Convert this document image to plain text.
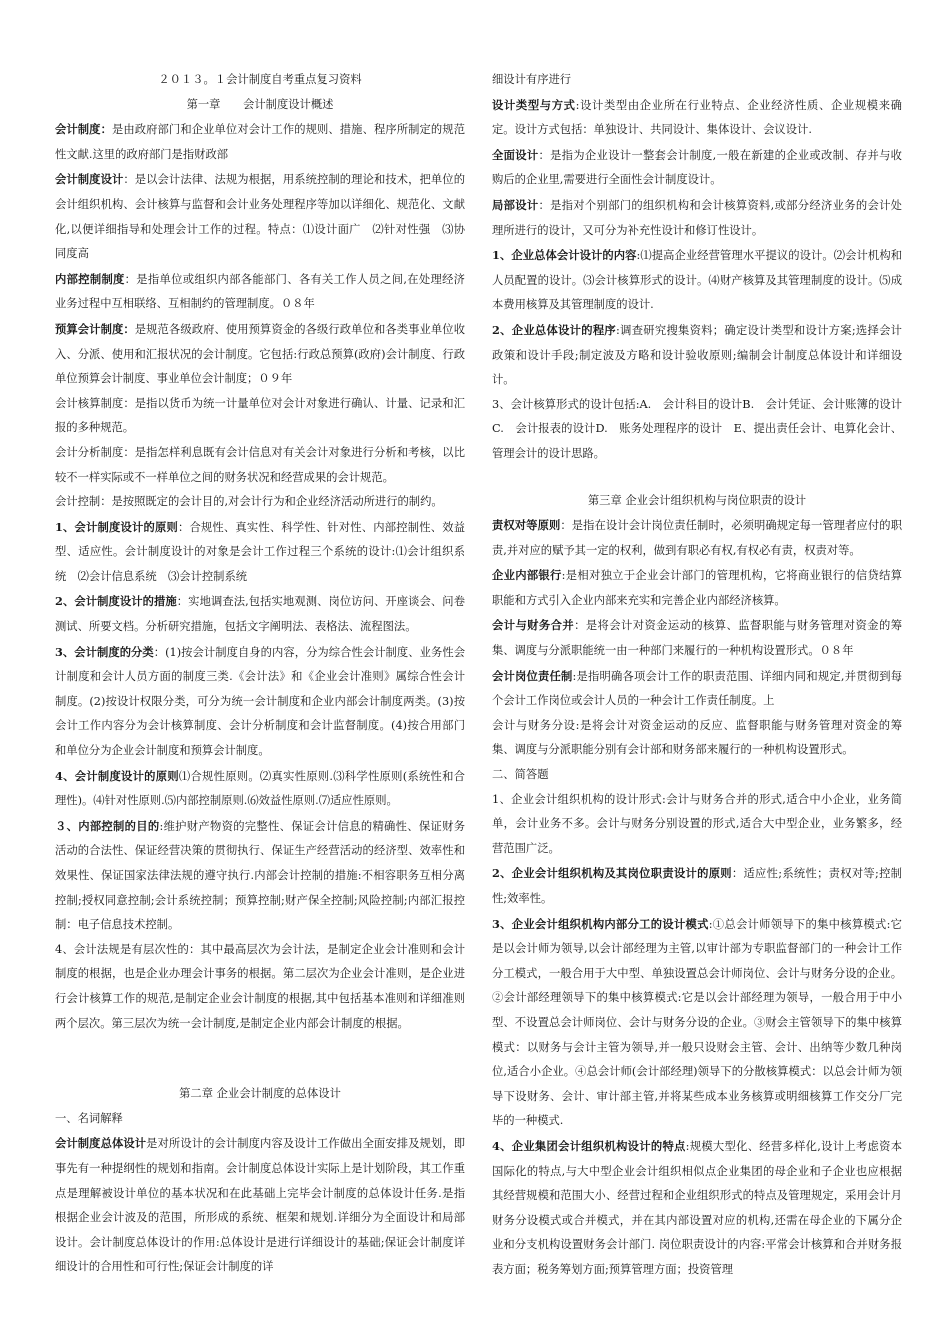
２０１３。１会计制度自考重点复习资料

第一章　　会计制度设计概述

会计制度：是由政府部门和企业单位对会计工作的规则、措施、程序所制定的规范性文献.这里的政府部门是指财政部

会计制度设计：是以会计法律、法规为根据，用系统控制的理论和技术，把单位的会计组织机构、会计核算与监督和会计业务处理程序等加以详细化、规范化、文献化,以便详细指导和处理会计工作的过程。特点：⑴设计面广　⑵针对性强　⑶协同度高

内部控制制度：是指单位或组织内部各能部门、各有关工作人员之间,在处理经济业务过程中互相联络、互相制约的管理制度。０８年

预算会计制度：是规范各级政府、使用预算资金的各级行政单位和各类事业单位收入、分派、使用和汇报状况的会计制度。它包括:行政总预算(政府)会计制度、行政单位预算会计制度、事业单位会计制度；０９年

会计核算制度：是指以货币为统一计量单位对会计对象进行确认、计量、记录和汇报的多种规范。

会计分析制度：是指怎样利息既有会计信息对有关会计对象进行分析和考核，以比较不一样实际或不一样单位之间的财务状况和经营成果的会计规范。

会计控制：是按照既定的会计目的,对会计行为和企业经济活动所进行的制约。

1、会计制度设计的原则：合规性、真实性、科学性、针对性、内部控制性、效益型、适应性。会计制度设计的对象是会计工作过程三个系统的设计:⑴会计组织系统　⑵会计信息系统　⑶会计控制系统

2、会计制度设计的措施：实地调查法,包括实地观测、岗位访问、开座谈会、问卷测试、所要文档。分析研究措施，包括文字阐明法、表格法、流程图法。

3、会计制度的分类：(1)按会计制度自身的内容，分为综合性会计制度、业务性会计制度和会计人员方面的制度三类.《会计法》和《企业会计准则》属综合性会计制度。(2)按设计权限分类，可分为统一会计制度和企业内部会计制度两类。(3)按会计工作内容分为会计核算制度、会计分析制度和会计监督制度。(4)按合用部门和单位分为企业会计制度和预算会计制度。

4、会计制度设计的原则⑴合规性原则。⑵真实性原则.⑶科学性原则(系统性和合理性)。⑷针对性原则.⑸内部控制原则.⑹效益性原则.⑺适应性原则。

３、内部控制的目的:维护财产物资的完整性、保证会计信息的精确性、保证财务活动的合法性、保证经营决策的贯彻执行、保证生产经营活动的经济型、效率性和效果性、保证国家法律法规的遵守执行.内部会计控制的措施:不相容职务互相分离控制;授权同意控制;会计系统控制；预算控制;财产保全控制;风险控制;内部汇报控制：电子信息技术控制。

4、会计法规是有层次性的：其中最高层次为会计法，是制定企业会计准则和会计制度的根据，也是企业办理会计事务的根据。第二层次为企业会计准则，是企业进行会计核算工作的规范,是制定企业会计制度的根据,其中包括基本准则和详细准则两个层次。第三层次为统一会计制度,是制定企业内部会计制度的根据。

第二章 企业会计制度的总体设计

一、名词解释

会计制度总体设计是对所设计的会计制度内容及设计工作做出全面安排及规划，即事先有一种提纲性的规划和指南。会计制度总体设计实际上是计划阶段，其工作重点是理解被设计单位的基本状况和在此基础上完毕会计制度的总体设计任务.是指根据企业会计波及的范围，所形成的系统、框架和规划.详细分为全面设计和局部设计。会计制度总体设计的作用:总体设计是进行详细设计的基础;保证会计制度详细设计的合用性和可行性;保证会计制度的详

细设计有序进行

设计类型与方式:设计类型由企业所在行业特点、企业经济性质、企业规模来确定。设计方式包括：单独设计、共同设计、集体设计、会议设计.

全面设计：是指为企业设计一整套会计制度,一般在新建的企业或改制、存并与收购后的企业里,需要进行全面性会计制度设计。

局部设计：是指对个别部门的组织机构和会计核算资料,或部分经济业务的会计处理所进行的设计，又可分为补充性设计和修订性设计。

1、企业总体会计设计的内容:⑴提高企业经营管理水平提议的设计。⑵会计机构和人员配置的设计。⑶会计核算形式的设计。⑷财产核算及其管理制度的设计。⑸成本费用核算及其管理制度的设计.

2、企业总体设计的程序:调查研究搜集资料；确定设计类型和设计方案;选择会计政策和设计手段;制定波及方略和设计验收原则;编制会计制度总体设计和详细设计。

3、会计核算形式的设计包括:A.　会计科目的设计B.　会计凭证、会计账簿的设计C.　会计报表的设计D.　账务处理程序的设计　E、提出责任会计、电算化会计、管理会计的设计思路。

第三章 企业会计组织机构与岗位职责的设计

责权对等原则：是指在设计会计岗位责任制时，必须明确规定每一管理者应付的职责,并对应的赋予其一定的权利，做到有职必有权,有权必有责，权责对等。

企业内部银行:是相对独立于企业会计部门的管理机构，它将商业银行的信贷结算职能和方式引入企业内部来充实和完善企业内部经济核算。

会计与财务合并：是将会计对资金运动的核算、监督职能与财务管理对资金的筹集、调度与分派职能统一由一种部门来履行的一种机构设置形式。０８年

会计岗位责任制:是指明确各项会计工作的职责范围、详细内同和规定,并贯彻到每个会计工作岗位或会计人员的一种会计工作责任制度。上

会计与财务分设:是将会计对资金运动的反应、监督职能与财务管理对资金的筹集、调度与分派职能分别有会计部和财务部来履行的一种机构设置形式。

二、简答题

1、企业会计组织机构的设计形式:会计与财务合并的形式,适合中小企业，业务简单，会计业务不多。会计与财务分别设置的形式,适合大中型企业，业务繁多，经营范围广泛。

2、企业会计组织机构及其岗位职责设计的原则：适应性;系统性；责权对等;控制性;效率性。

3、企业会计组织机构内部分工的设计模式:①总会计师领导下的集中核算模式:它是以会计师为领导,以会计部经理为主管,以审计部为专职监督部门的一种会计工作分工模式，一般合用于大中型、单独设置总会计师岗位、会计与财务分设的企业。②会计部经理领导下的集中核算模式:它是以会计部经理为领导，一般合用于中小型、不设置总会计师岗位、会计与财务分设的企业。③财会主管领导下的集中核算模式：以财务与会计主管为领导,并一般只设财会主管、会计、出纳等少数几种岗位,适合小企业。④总会计师(会计部经理)领导下的分散核算模式：以总会计师为领导下设财务、会计、审计部主管,并将某些成本业务核算或明细核算工作交分厂完毕的一种模式.

4、企业集团会计组织机构设计的特点:规模大型化、经营多样化,设计上考虑资本国际化的特点,与大中型企业会计组织相似点企业集团的母企业和子企业也应根据其经营规模和范围大小、经营过程和企业组织形式的特点及管理规定，采用会计月财务分设模式或合并模式，并在其内部设置对应的机构,还需在母企业的下属分企业和分支机构设置财务会计部门. 岗位职责设计的内容:平常会计核算和合并财务报表方面；税务筹划方面;预算管理方面；投资管理
